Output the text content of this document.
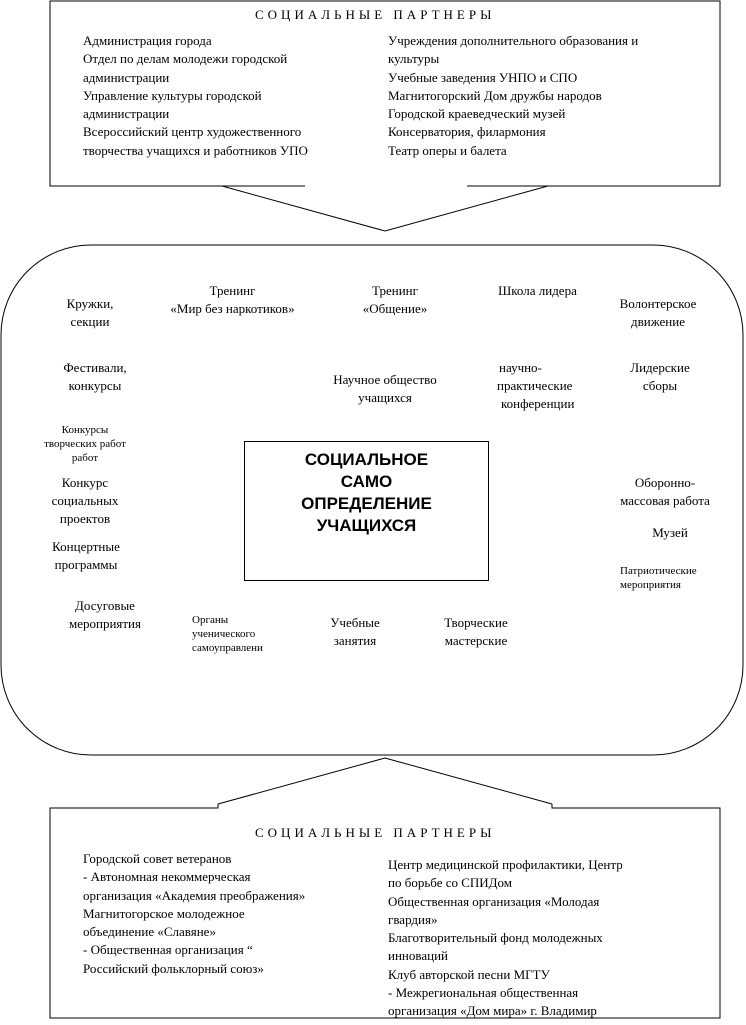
СОЦИАЛЬНЫЕ ПАРТНЕРЫ
Администрация города
Отдел по делам молодежи городской
администрации
Управление культуры городской
администрации
Всероссийский центр художественного
творчества учащихся и работников УПО
Учреждения дополнительного образования и
культуры
Учебные заведения УНПО и СПО
Магнитогорский Дом дружбы народов
Городской краеведческий музей
Консерватория, филармония
Театр оперы и балета
Кружки,
секции
Тренинг
«Мир без наркотиков»
Тренинг
«Общение»
Школа лидера
Волонтерское
движение
Фестивали,
конкурсы	Научное общество
учащихся
научно-
практические
конференции
Лидерские
сборы
Конкурсы
творческих работ
работ
Конкурс
социальных
проектов
Оборонно-
массовая работа
Музей
Концертные
программы	Патриотические
мероприятия
СОЦИАЛЬНОЕ
САМО
ОПРЕДЕЛЕНИЕ
УЧАЩИХСЯ
Досуговые
мероприятия	Органы
ученического
самоуправлени
Учебные
занятия
Творческие
мастерские
СОЦИАЛЬНЫЕ ПАРТНЕРЫ
Городской совет ветеранов
- Автономная некоммерческая
организация «Академия преображения»
Магнитогорское молодежное
объединение «Славяне»
- Общественная организация “
Российский фольклорный союз»
Центр медицинской профилактики, Центр
по борьбе со СПИДом
Общественная организация «Молодая
гвардия»
Благотворительный фонд молодежных
инноваций
Клуб авторской песни МГТУ
- Межрегиональная общественная
организация «Дом мира» г. Владимир
